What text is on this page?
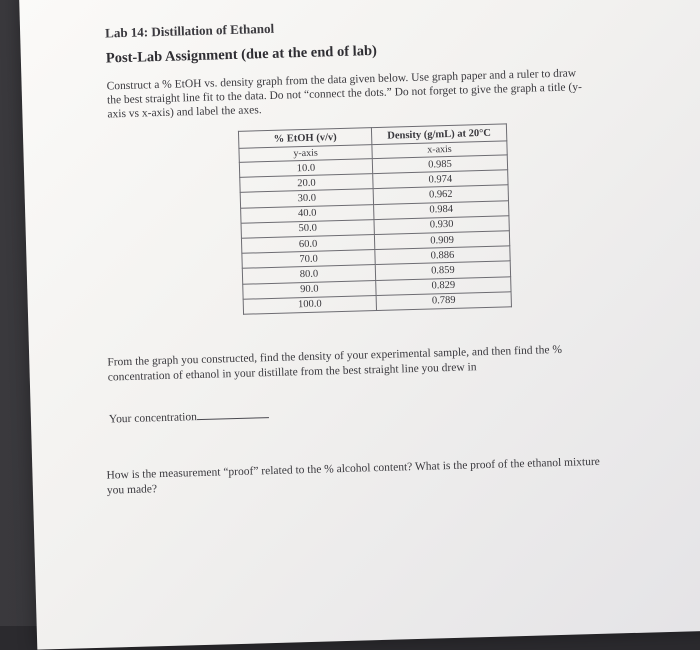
Lab 14: Distillation of Ethanol
Post-Lab Assignment (due at the end of lab)
Construct a % EtOH vs. density graph from the data given below. Use graph paper and a ruler to draw the best straight line fit to the data. Do not “connect the dots.” Do not forget to give the graph a title (y-axis vs x-axis) and label the axes.
% EtOH (v/v)	Density (g/mL) at 20°C
y-axis	x-axis
10.0	0.985
20.0	0.974
30.0	0.962
40.0	0.984
50.0	0.930
60.0	0.909
70.0	0.886
80.0	0.859
90.0	0.829
100.0	0.789
From the graph you constructed, find the density of your experimental sample, and then find the % concentration of ethanol in your distillate from the best straight line you drew in
Your concentration
How is the measurement “proof” related to the % alcohol content? What is the proof of the ethanol mixture you made?
